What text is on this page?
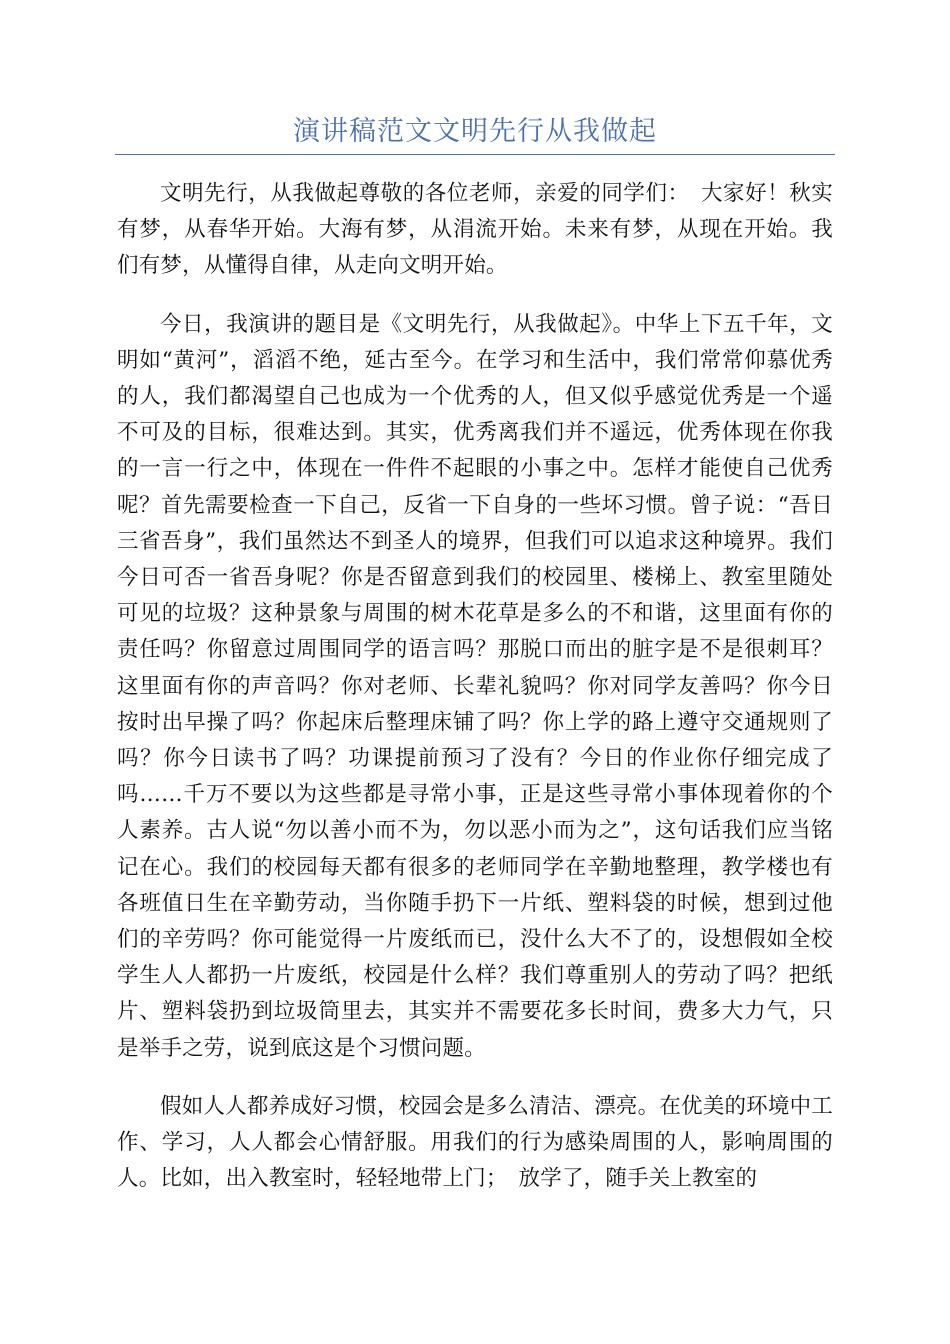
演讲稿范文文明先行从我做起

文明先行，从我做起尊敬的各位老师，亲爱的同学们：　大家好！秋实有梦，从春华开始。大海有梦，从涓流开始。未来有梦，从现在开始。我们有梦，从懂得自律，从走向文明开始。

今日，我演讲的题目是《文明先行，从我做起》。中华上下五千年，文明如“黄河”，滔滔不绝，延古至今。在学习和生活中，我们常常仰慕优秀的人，我们都渴望自己也成为一个优秀的人，但又似乎感觉优秀是一个遥不可及的目标，很难达到。其实，优秀离我们并不遥远，优秀体现在你我的一言一行之中，体现在一件件不起眼的小事之中。怎样才能使自己优秀呢？首先需要检查一下自己，反省一下自身的一些坏习惯。曾子说：“吾日三省吾身”，我们虽然达不到圣人的境界，但我们可以追求这种境界。我们今日可否一省吾身呢？你是否留意到我们的校园里、楼梯上、教室里随处可见的垃圾？这种景象与周围的树木花草是多么的不和谐，这里面有你的责任吗？你留意过周围同学的语言吗？那脱口而出的脏字是不是很刺耳？这里面有你的声音吗？你对老师、长辈礼貌吗？你对同学友善吗？你今日按时出早操了吗？你起床后整理床铺了吗？你上学的路上遵守交通规则了吗？你今日读书了吗？功课提前预习了没有？今日的作业你仔细完成了吗……千万不要以为这些都是寻常小事，正是这些寻常小事体现着你的个人素养。古人说“勿以善小而不为，勿以恶小而为之”，这句话我们应当铭记在心。我们的校园每天都有很多的老师同学在辛勤地整理，教学楼也有各班值日生在辛勤劳动，当你随手扔下一片纸、塑料袋的时候，想到过他们的辛劳吗？你可能觉得一片废纸而已，没什么大不了的，设想假如全校学生人人都扔一片废纸，校园是什么样？我们尊重别人的劳动了吗？把纸片、塑料袋扔到垃圾筒里去，其实并不需要花多长时间，费多大力气，只是举手之劳，说到底这是个习惯问题。

假如人人都养成好习惯，校园会是多么清洁、漂亮。在优美的环境中工作、学习，人人都会心情舒服。用我们的行为感染周围的人，影响周围的人。比如，出入教室时，轻轻地带上门；　放学了，随手关上教室的
